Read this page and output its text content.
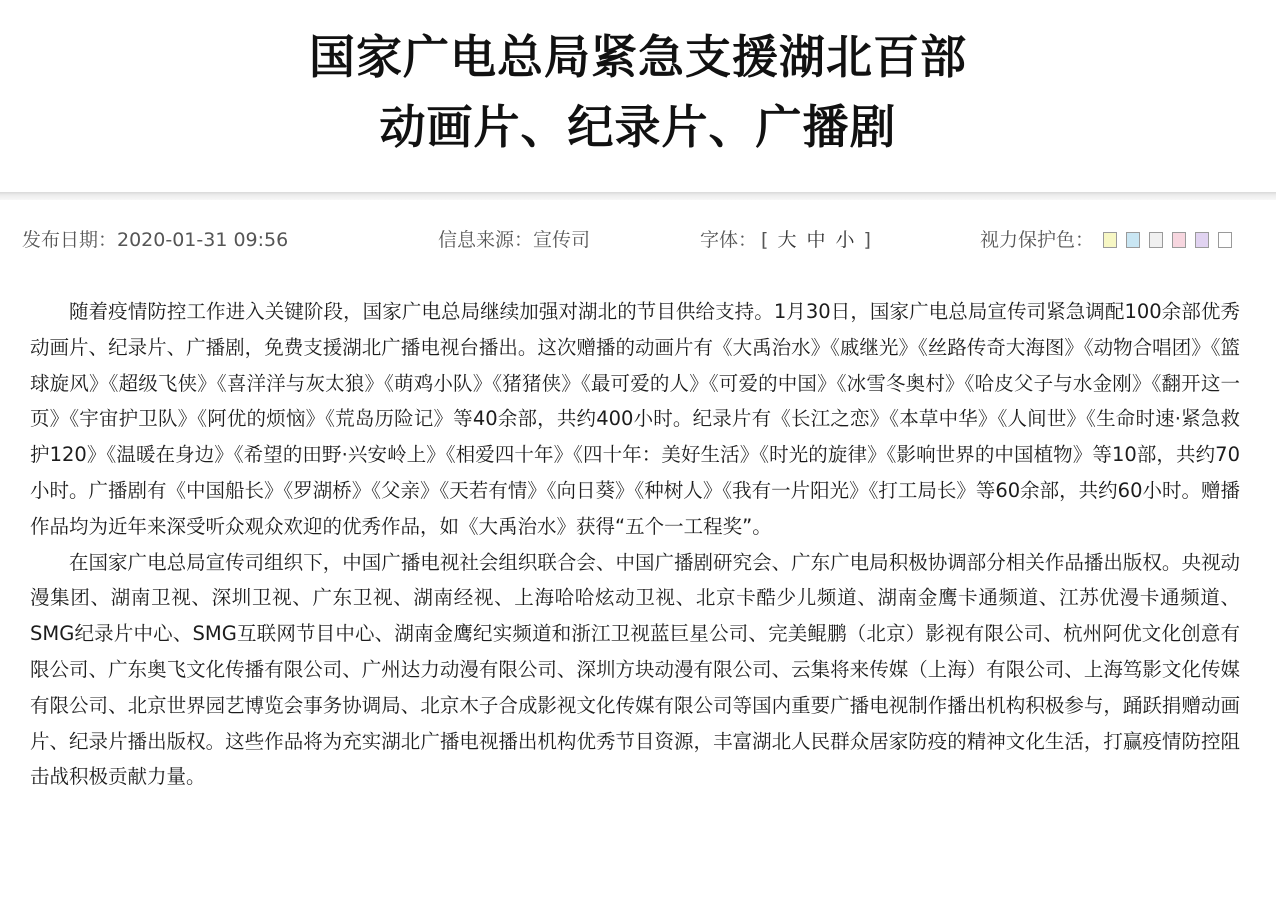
国家广电总局紧急支援湖北百部
动画片、纪录片、广播剧
发布日期：2020-01-31 09:56	信息来源：宣传司	字体： [ 大 中 小 ]	视力保护色：

随着疫情防控工作进入关键阶段，国家广电总局继续加强对湖北的节目供给支持。1月30日，国家广电总局宣传司紧急调配100余部优秀动画片、纪录片、广播剧，免费支援湖北广播电视台播出。这次赠播的动画片有《大禹治水》《戚继光》《丝路传奇大海图》《动物合唱团》《篮球旋风》《超级飞侠》《喜洋洋与灰太狼》《萌鸡小队》《猪猪侠》《最可爱的人》《可爱的中国》《冰雪冬奥村》《哈皮父子与水金刚》《翻开这一页》《宇宙护卫队》《阿优的烦恼》《荒岛历险记》等40余部，共约400小时。纪录片有《长江之恋》《本草中华》《人间世》《生命时速·紧急救护120》《温暖在身边》《希望的田野·兴安岭上》《相爱四十年》《四十年：美好生活》《时光的旋律》《影响世界的中国植物》等10部，共约70小时。广播剧有《中国船长》《罗湖桥》《父亲》《天若有情》《向日葵》《种树人》《我有一片阳光》《打工局长》等60余部，共约60小时。赠播作品均为近年来深受听众观众欢迎的优秀作品，如《大禹治水》获得“五个一工程奖”。

在国家广电总局宣传司组织下，中国广播电视社会组织联合会、中国广播剧研究会、广东广电局积极协调部分相关作品播出版权。央视动漫集团、湖南卫视、深圳卫视、广东卫视、湖南经视、上海哈哈炫动卫视、北京卡酷少儿频道、湖南金鹰卡通频道、江苏优漫卡通频道、SMG纪录片中心、SMG互联网节目中心、湖南金鹰纪实频道和浙江卫视蓝巨星公司、完美鲲鹏（北京）影视有限公司、杭州阿优文化创意有限公司、广东奥飞文化传播有限公司、广州达力动漫有限公司、深圳方块动漫有限公司、云集将来传媒（上海）有限公司、上海笃影文化传媒有限公司、北京世界园艺博览会事务协调局、北京木子合成影视文化传媒有限公司等国内重要广播电视制作播出机构积极参与，踊跃捐赠动画片、纪录片播出版权。这些作品将为充实湖北广播电视播出机构优秀节目资源，丰富湖北人民群众居家防疫的精神文化生活，打赢疫情防控阻击战积极贡献力量。
